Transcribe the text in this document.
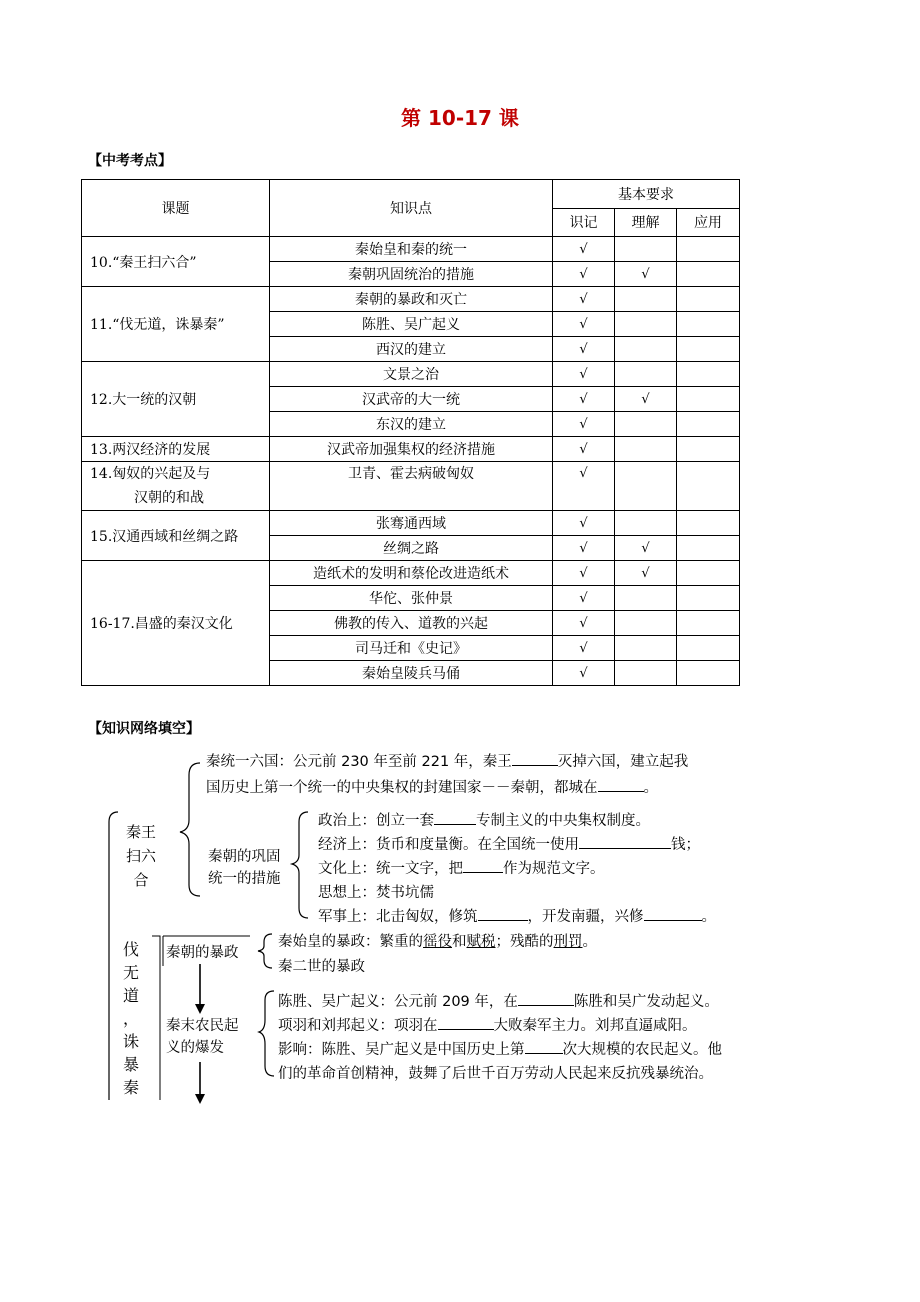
第 10-17 课
【中考考点】
课题	知识点	基本要求		
		识记	理解	应用
10.“秦王扫六合”	秦始皇和秦的统一	√		
	秦朝巩固统治的措施	√	√	
11.“伐无道，诛暴秦”	秦朝的暴政和灭亡	√		
	陈胜、吴广起义	√		
	西汉的建立	√		
12.大一统的汉朝	文景之治	√		
	汉武帝的大一统	√	√	
	东汉的建立	√		
13.两汉经济的发展	汉武帝加强集权的经济措施	√		

14.匈奴的兴起及与
汉朝的和战	卫青、霍去病破匈奴	√		
15.汉通西域和丝绸之路	张骞通西域	√		
	丝绸之路	√	√	
16-17.昌盛的秦汉文化	造纸术的发明和蔡伦改进造纸术	√	√	
	华佗、张仲景	√		
	佛教的传入、道教的兴起	√		
	司马迁和《史记》	√		
	秦始皇陵兵马俑	√		
【知识网络填空】
秦王
扫六
合
伐
无
道
，
诛
暴
秦
秦统一六国：公元前 230 年至前 221 年，秦王	灭掉六国，建立起我
国历史上第一个统一的中央集权的封建国家－－秦朝，都城在	。
秦朝的巩固
统一的措施
政治上：创立一套	专制主义的中央集权制度。
经济上：货币和度量衡。在全国统一使用	钱；
文化上：统一文字，把	作为规范文字。
思想上：焚书坑儒
军事上：北击匈奴，修筑	，开发南疆，兴修	。
秦朝的暴政
秦始皇的暴政：繁重的徭役和赋税；残酷的刑罚。
秦二世的暴政
秦末农民起
义的爆发
陈胜、吴广起义：公元前 209 年，在	陈胜和吴广发动起义。
项羽和刘邦起义：项羽在	大败秦军主力。刘邦直逼咸阳。
影响：陈胜、吴广起义是中国历史上第	次大规模的农民起义。他
们的革命首创精神，鼓舞了后世千百万劳动人民起来反抗残暴统治。
